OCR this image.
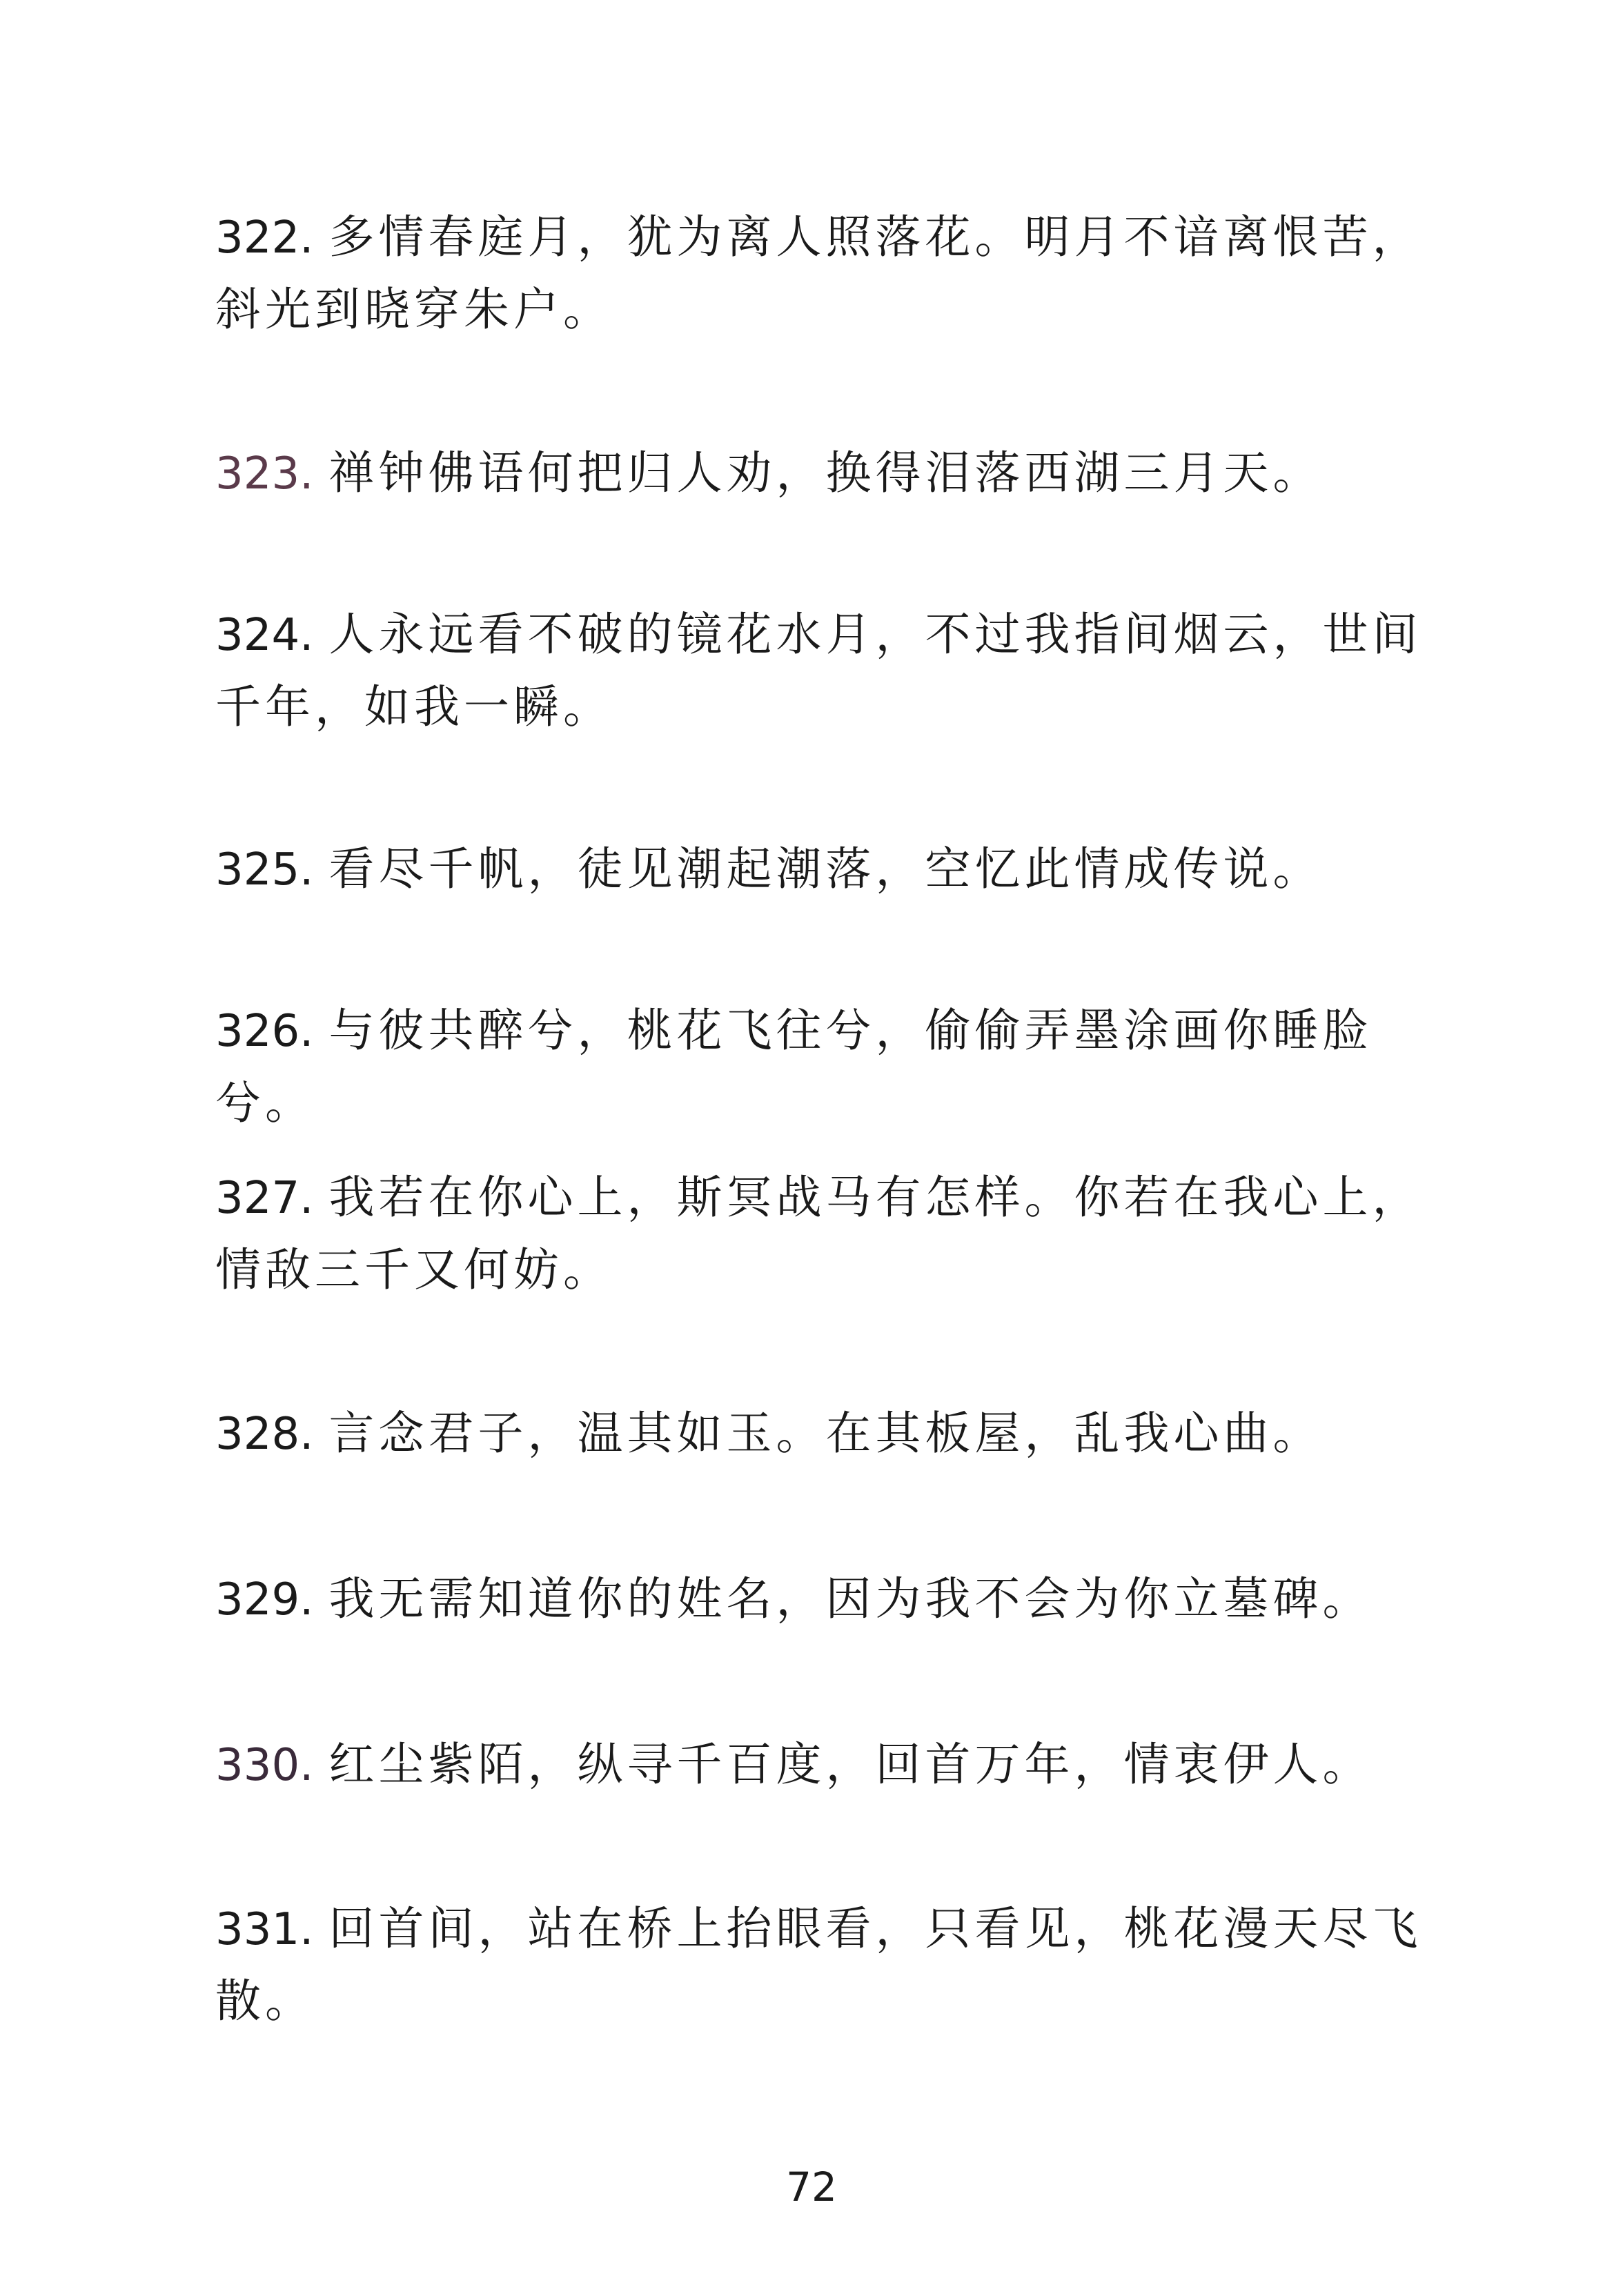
322. 多情春庭月，犹为离人照落花。明月不谙离恨苦，斜光到晓穿朱户。

323. 禅钟佛语何把归人劝，换得泪落西湖三月天。

324. 人永远看不破的镜花水月，不过我指间烟云，世间千年，如我一瞬。

325. 看尽千帆，徒见潮起潮落，空忆此情成传说。

326. 与彼共醉兮，桃花飞往兮，偷偷弄墨涂画你睡脸兮。

327. 我若在你心上，斯冥战马有怎样。你若在我心上，情敌三千又何妨。

328. 言念君子，温其如玉。在其板屋，乱我心曲。

329. 我无需知道你的姓名，因为我不会为你立墓碑。

330. 红尘紫陌，纵寻千百度，回首万年，情衷伊人。

331. 回首间，站在桥上抬眼看，只看见，桃花漫天尽飞散。

72
